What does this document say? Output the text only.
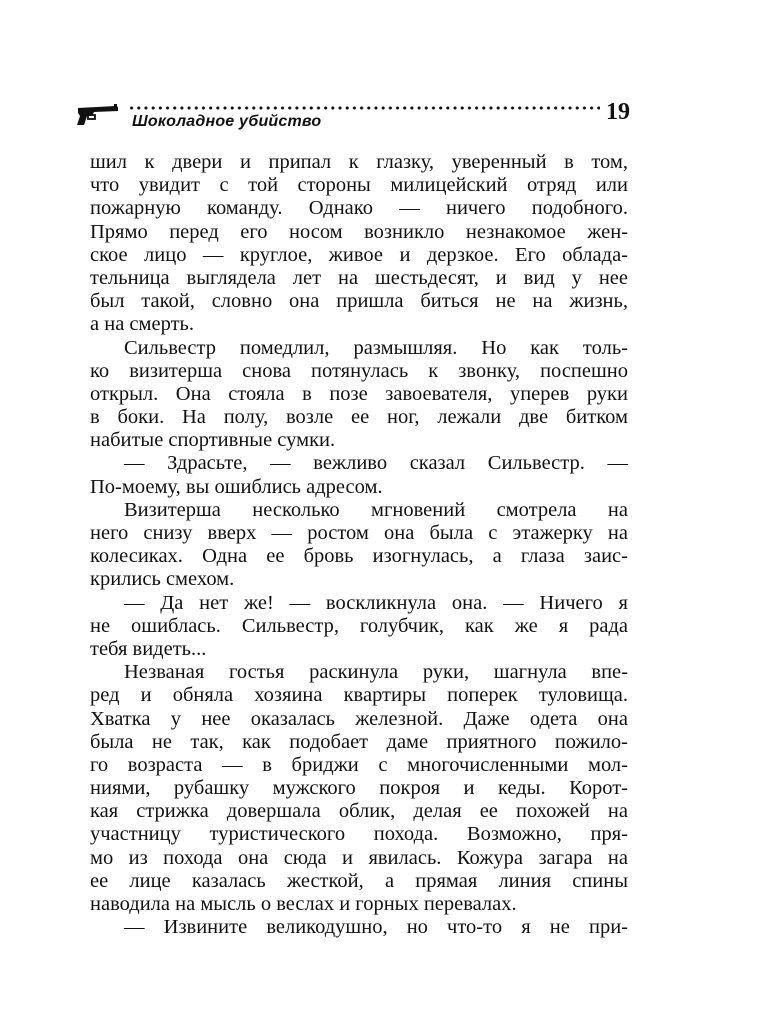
Шоколадное убийство	19
шил к двери и припал к глазку, уверенный в том,
что увидит с той стороны милицейский отряд или
пожарную команду. Однако — ничего подобного.
Прямо перед его носом возникло незнакомое жен-
ское лицо — круглое, живое и дерзкое. Его облада-
тельница выглядела лет на шестьдесят, и вид у нее
был такой, словно она пришла биться не на жизнь,
а на смерть.
Сильвестр помедлил, размышляя. Но как толь-
ко визитерша снова потянулась к звонку, поспешно
открыл. Она стояла в позе завоевателя, уперев руки
в боки. На полу, возле ее ног, лежали две битком
набитые спортивные сумки.
— Здрасьте, — вежливо сказал Сильвестр. —
По-моему, вы ошиблись адресом.
Визитерша несколько мгновений смотрела на
него снизу вверх — ростом она была с этажерку на
колесиках. Одна ее бровь изогнулась, а глаза заис-
крились смехом.
— Да нет же! — воскликнула она. — Ничего я
не ошиблась. Сильвестр, голубчик, как же я рада
тебя видеть...
Незваная гостья раскинула руки, шагнула впе-
ред и обняла хозяина квартиры поперек туловища.
Хватка у нее оказалась железной. Даже одета она
была не так, как подобает даме приятного пожило-
го возраста — в бриджи с многочисленными мол-
ниями, рубашку мужского покроя и кеды. Корот-
кая стрижка довершала облик, делая ее похожей на
участницу туристического похода. Возможно, пря-
мо из похода она сюда и явилась. Кожура загара на
ее лице казалась жесткой, а прямая линия спины
наводила на мысль о веслах и горных перевалах.
— Извините великодушно, но что-то я не при-
